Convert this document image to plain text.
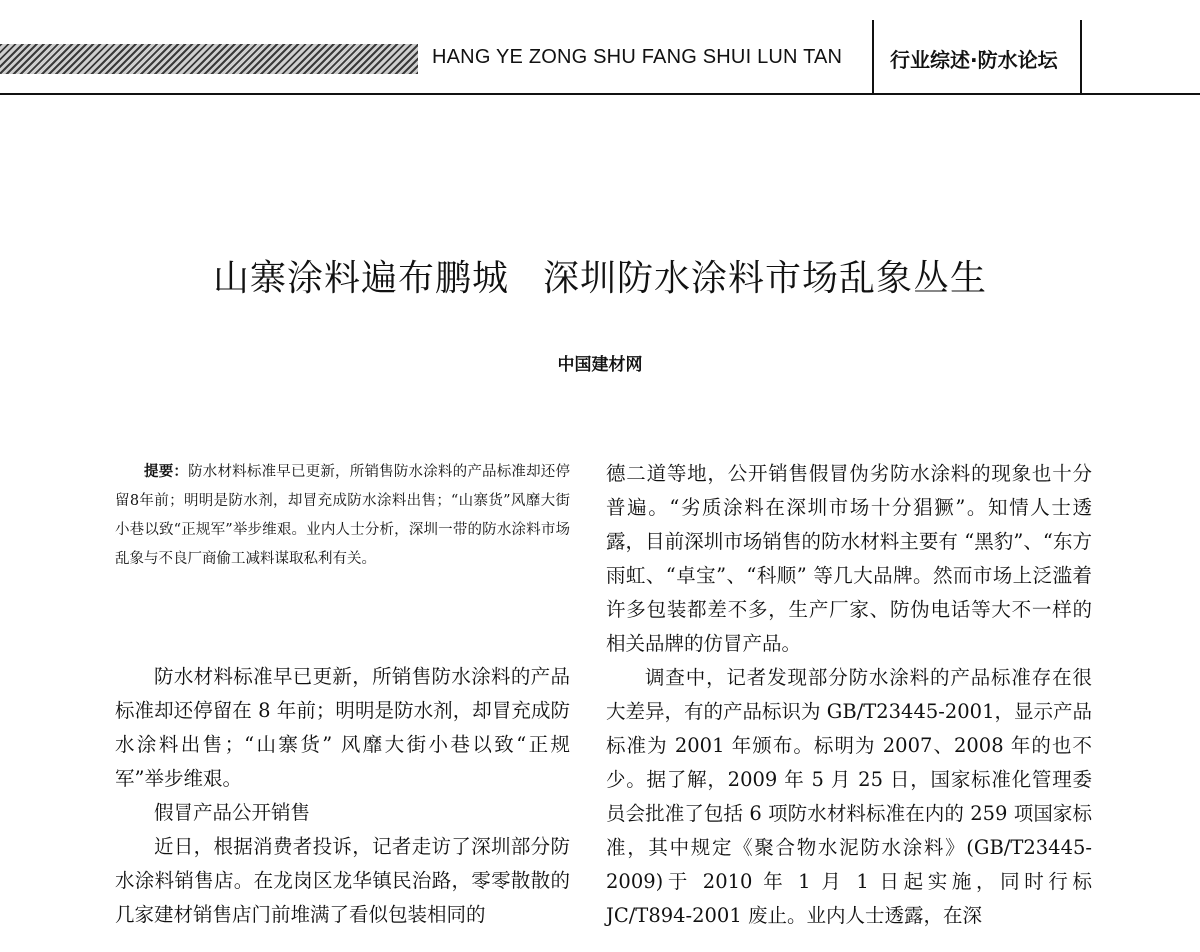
HANG YE ZONG SHU FANG SHUI LUN TAN 行业综述·防水论坛
山寨涂料遍布鹏城 深圳防水涂料市场乱象丛生
中国建材网
提要：防水材料标准早已更新，所销售防水涂料的产品标准却还停留8年前；明明是防水剂，却冒充成防水涂料出售；“山寨货”风靡大街小巷以致“正规军”举步维艰。业内人士分析，深圳一带的防水涂料市场乱象与不良厂商偷工减料谋取私利有关。

防水材料标准早已更新，所销售防水涂料的产品标准却还停留在 8 年前；明明是防水剂，却冒充成防水涂料出售；“山寨货” 风靡大街小巷以致“正规军”举步维艰。

假冒产品公开销售

近日，根据消费者投诉，记者走访了深圳部分防水涂料销售店。在龙岗区龙华镇民治路，零零散散的几家建材销售店门前堆满了看似包装相同的

德二道等地，公开销售假冒伪劣防水涂料的现象也十分普遍。“劣质涂料在深圳市场十分猖獗”。知情人士透露，目前深圳市场销售的防水材料主要有 “黑豹”、“东方雨虹、“卓宝”、“科顺” 等几大品牌。然而市场上泛滥着许多包装都差不多，生产厂家、防伪电话等大不一样的相关品牌的仿冒产品。

调查中，记者发现部分防水涂料的产品标准存在很大差异，有的产品标识为 GB/T23445-2001，显示产品标准为 2001 年颁布。标明为 2007、2008 年的也不少。据了解，2009 年 5 月 25 日，国家标准化管理委员会批准了包括 6 项防水材料标准在内的 259 项国家标准，其中规定《聚合物水泥防水涂料》(GB/T23445-2009)于 2010 年 1 月 1 日起实施，同时行标 JC/T894-2001 废止。业内人士透露，在深
